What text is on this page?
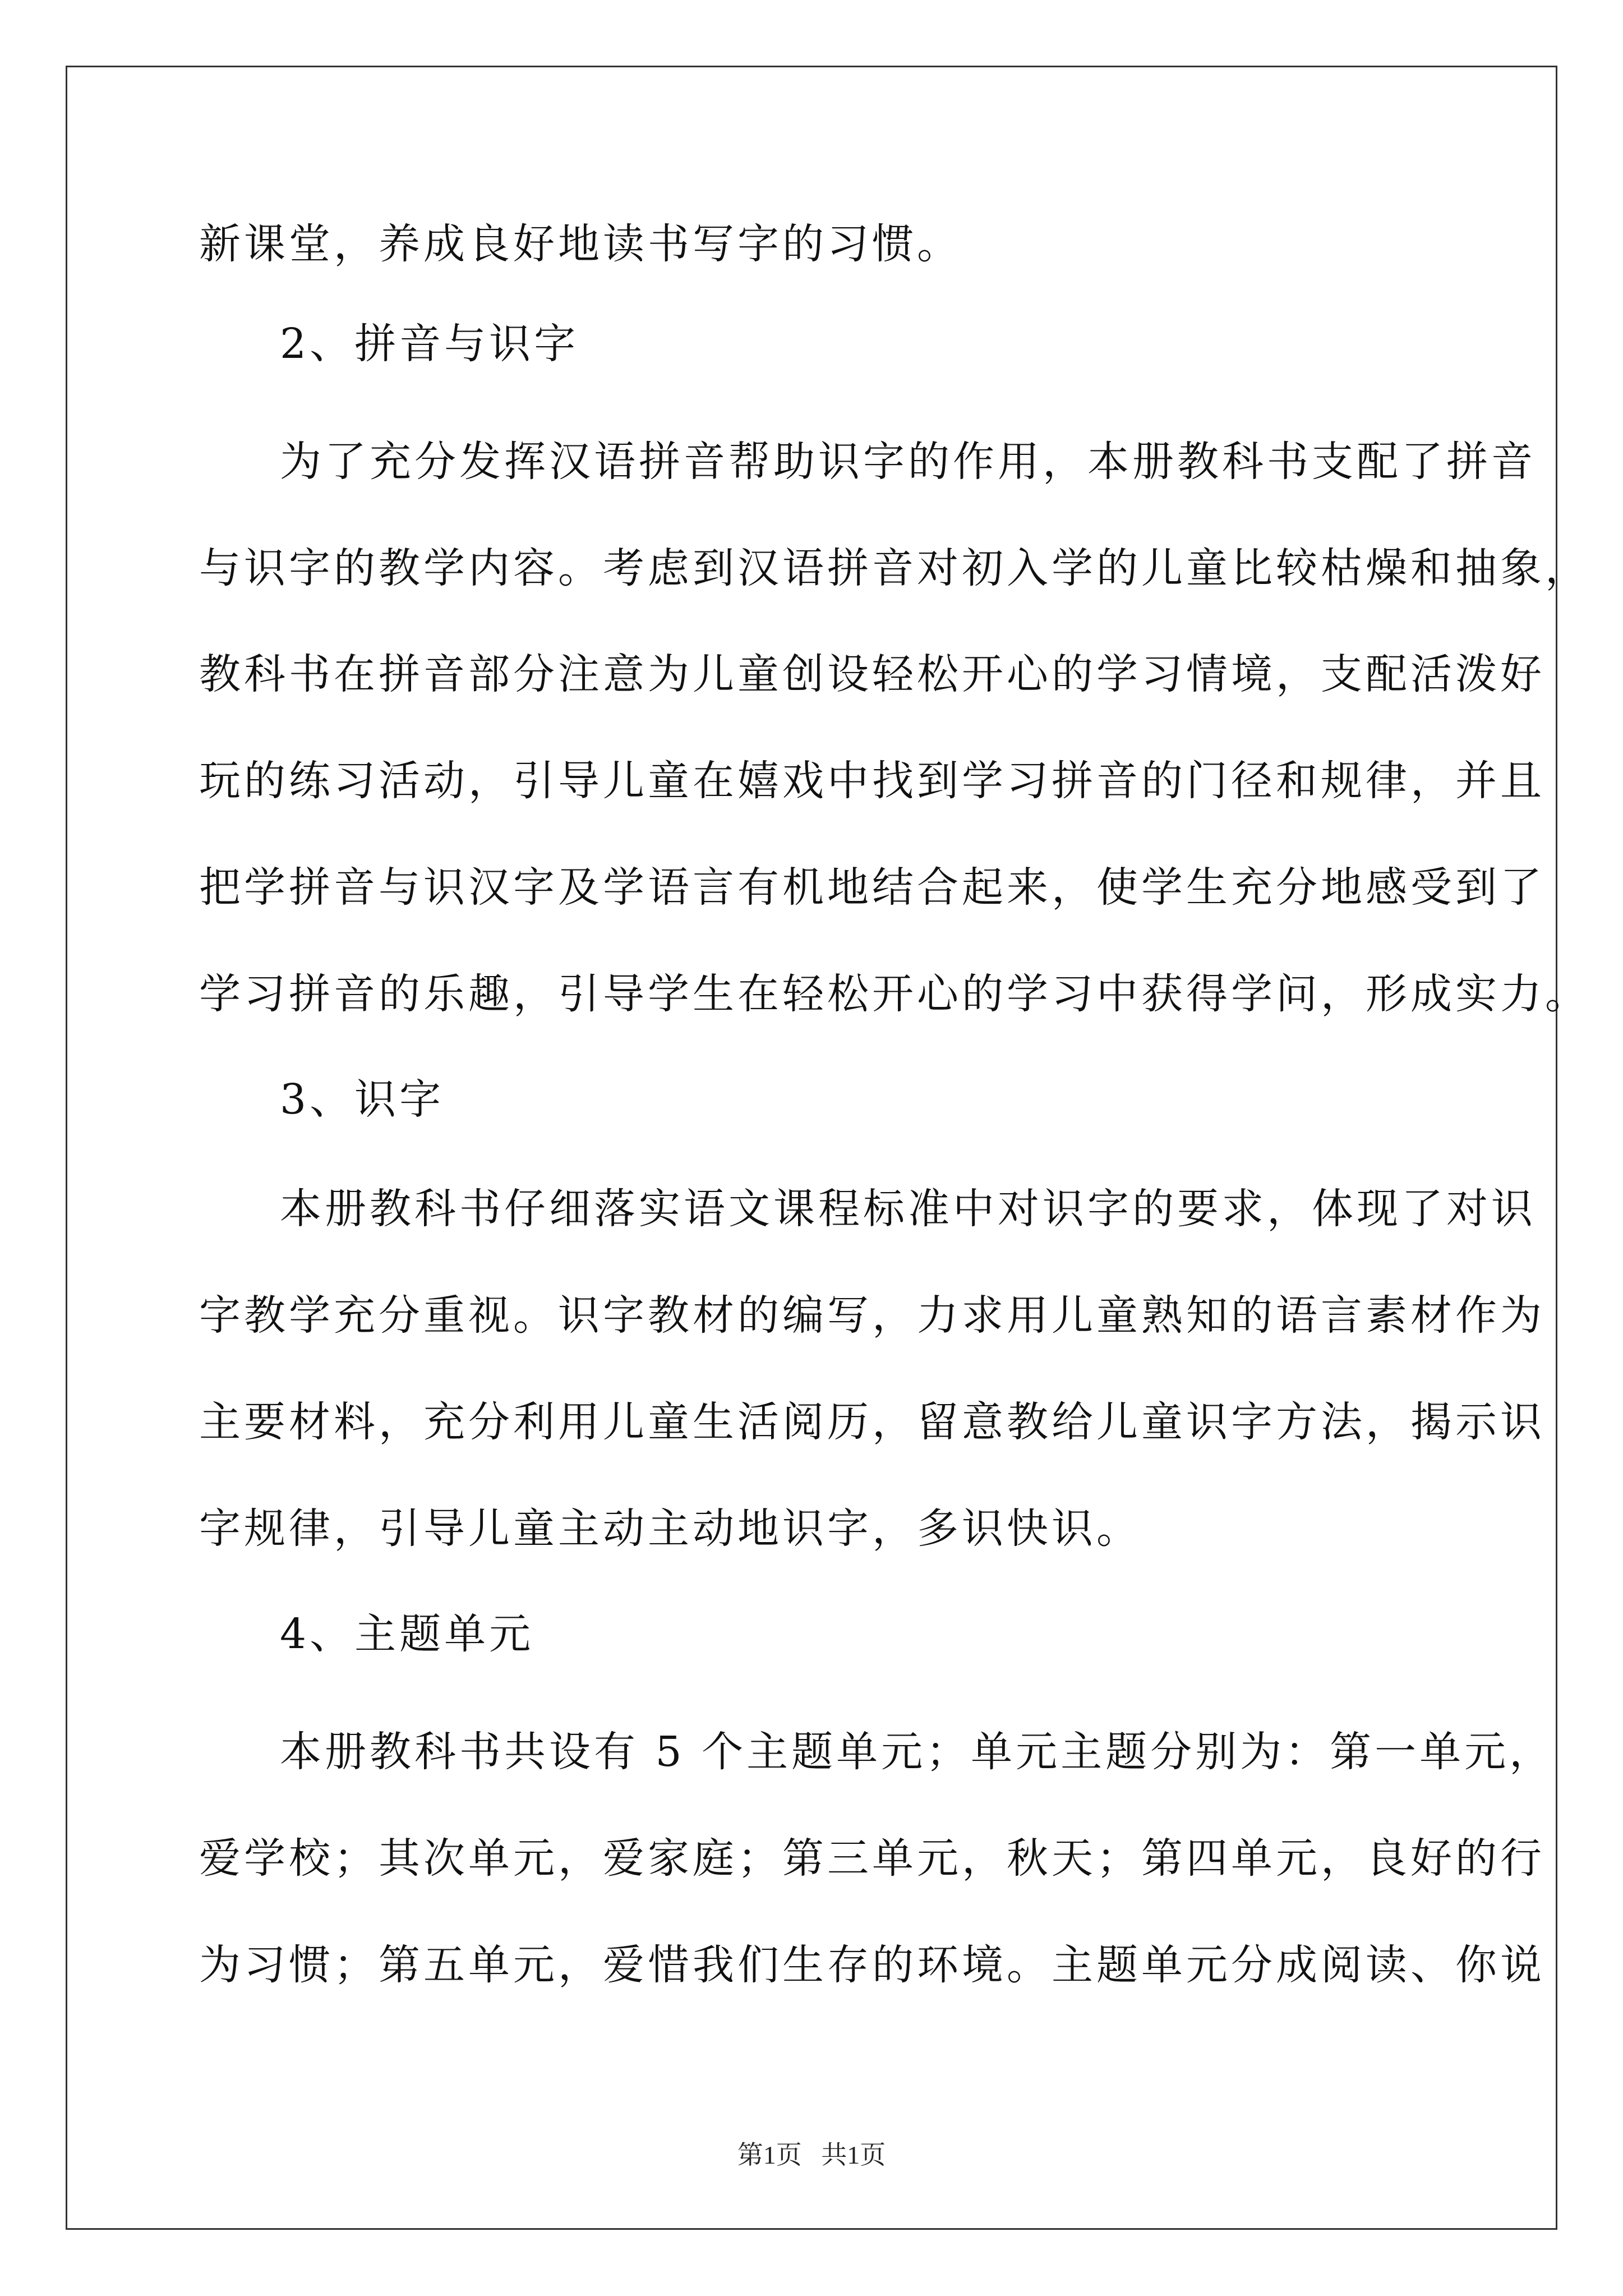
新课堂，养成良好地读书写字的习惯。
2、拼音与识字
为了充分发挥汉语拼音帮助识字的作用，本册教科书支配了拼音
与识字的教学内容。考虑到汉语拼音对初入学的儿童比较枯燥和抽象，
教科书在拼音部分注意为儿童创设轻松开心的学习情境，支配活泼好
玩的练习活动，引导儿童在嬉戏中找到学习拼音的门径和规律，并且
把学拼音与识汉字及学语言有机地结合起来，使学生充分地感受到了
学习拼音的乐趣，引导学生在轻松开心的学习中获得学问，形成实力。
3、识字
本册教科书仔细落实语文课程标准中对识字的要求，体现了对识
字教学充分重视。识字教材的编写，力求用儿童熟知的语言素材作为
主要材料，充分利用儿童生活阅历，留意教给儿童识字方法，揭示识
字规律，引导儿童主动主动地识字，多识快识。
4、主题单元
本册教科书共设有 5 个主题单元；单元主题分别为：第一单元，
爱学校；其次单元，爱家庭；第三单元，秋天；第四单元，良好的行
为习惯；第五单元，爱惜我们生存的环境。主题单元分成阅读、你说
第1页   共1页
